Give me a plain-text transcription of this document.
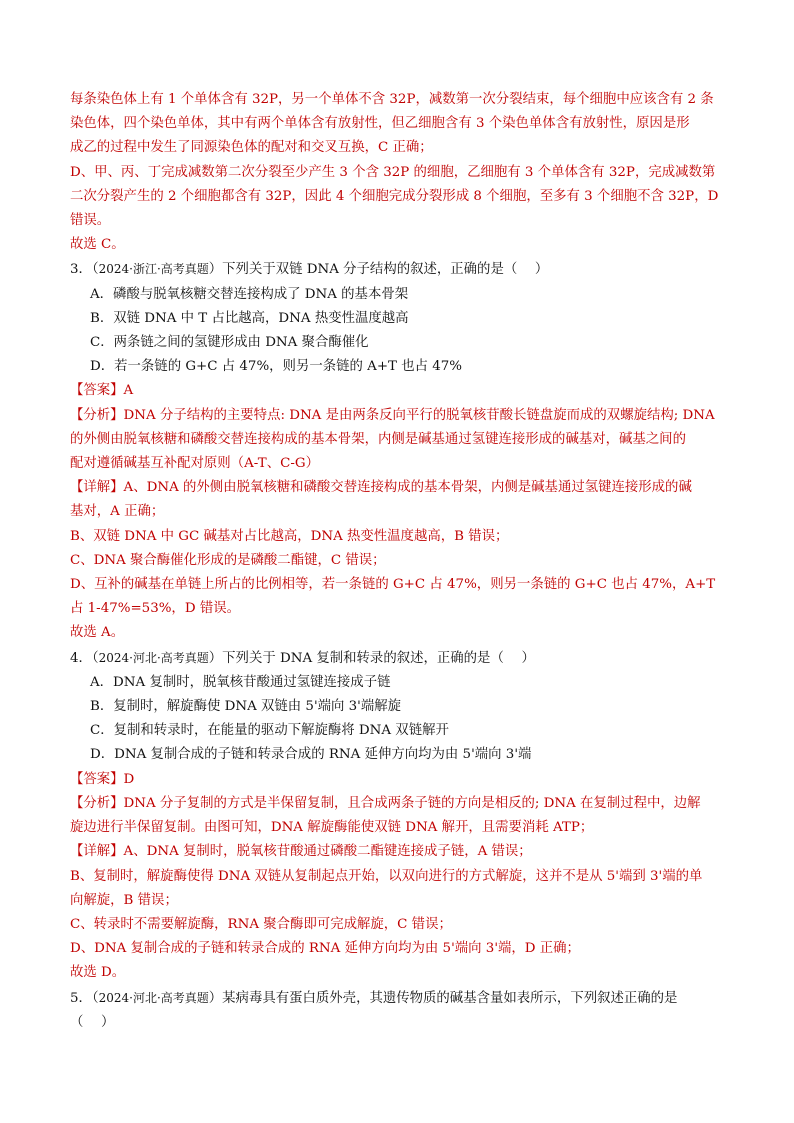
每条染色体上有 1 个单体含有 32P，另一个单体不含 32P，减数第一次分裂结束，每个细胞中应该含有 2 条
染色体，四个染色单体，其中有两个单体含有放射性，但乙细胞含有 3 个染色单体含有放射性，原因是形
成乙的过程中发生了同源染色体的配对和交叉互换，C 正确；
D、甲、丙、丁完成减数第二次分裂至少产生 3 个含 32P 的细胞，乙细胞有 3 个单体含有 32P，完成减数第
二次分裂产生的 2 个细胞都含有 32P，因此 4 个细胞完成分裂形成 8 个细胞，至多有 3 个细胞不含 32P，D
错误。
故选 C。
3．（2024·浙江·高考真题）下列关于双链 DNA 分子结构的叙述，正确的是（　 ）
A．磷酸与脱氧核糖交替连接构成了 DNA 的基本骨架
B．双链 DNA 中 T 占比越高，DNA 热变性温度越高
C．两条链之间的氢键形成由 DNA 聚合酶催化
D．若一条链的 G+C 占 47%，则另一条链的 A+T 也占 47%
【答案】A
【分析】DNA 分子结构的主要特点: DNA 是由两条反向平行的脱氧核苷酸长链盘旋而成的双螺旋结构; DNA
的外侧由脱氧核糖和磷酸交替连接构成的基本骨架，内侧是碱基通过氢键连接形成的碱基对，碱基之间的
配对遵循碱基互补配对原则（A-T、C-G）
【详解】A、DNA 的外侧由脱氧核糖和磷酸交替连接构成的基本骨架，内侧是碱基通过氢键连接形成的碱
基对，A 正确；
B、双链 DNA 中 GC 碱基对占比越高，DNA 热变性温度越高，B 错误；
C、DNA 聚合酶催化形成的是磷酸二酯键，C 错误；
D、互补的碱基在单链上所占的比例相等，若一条链的 G+C 占 47%，则另一条链的 G+C 也占 47%，A+T
占 1-47%=53%，D 错误。
故选 A。
4．（2024·河北·高考真题）下列关于 DNA 复制和转录的叙述，正确的是（　 ）
A．DNA 复制时，脱氧核苷酸通过氢键连接成子链
B．复制时，解旋酶使 DNA 双链由 5'端向 3'端解旋
C．复制和转录时，在能量的驱动下解旋酶将 DNA 双链解开
D．DNA 复制合成的子链和转录合成的 RNA 延伸方向均为由 5'端向 3'端
【答案】D
【分析】DNA 分子复制的方式是半保留复制，且合成两条子链的方向是相反的; DNA 在复制过程中，边解
旋边进行半保留复制。由图可知，DNA 解旋酶能使双链 DNA 解开，且需要消耗 ATP；
【详解】A、DNA 复制时，脱氧核苷酸通过磷酸二酯键连接成子链，A 错误；
B、复制时，解旋酶使得 DNA 双链从复制起点开始，以双向进行的方式解旋，这并不是从 5'端到 3'端的单
向解旋，B 错误；
C、转录时不需要解旋酶，RNA 聚合酶即可完成解旋，C 错误；
D、DNA 复制合成的子链和转录合成的 RNA 延伸方向均为由 5'端向 3'端，D 正确；
故选 D。
5．（2024·河北·高考真题）某病毒具有蛋白质外壳，其遗传物质的碱基含量如表所示，下列叙述正确的是
（　 ）
